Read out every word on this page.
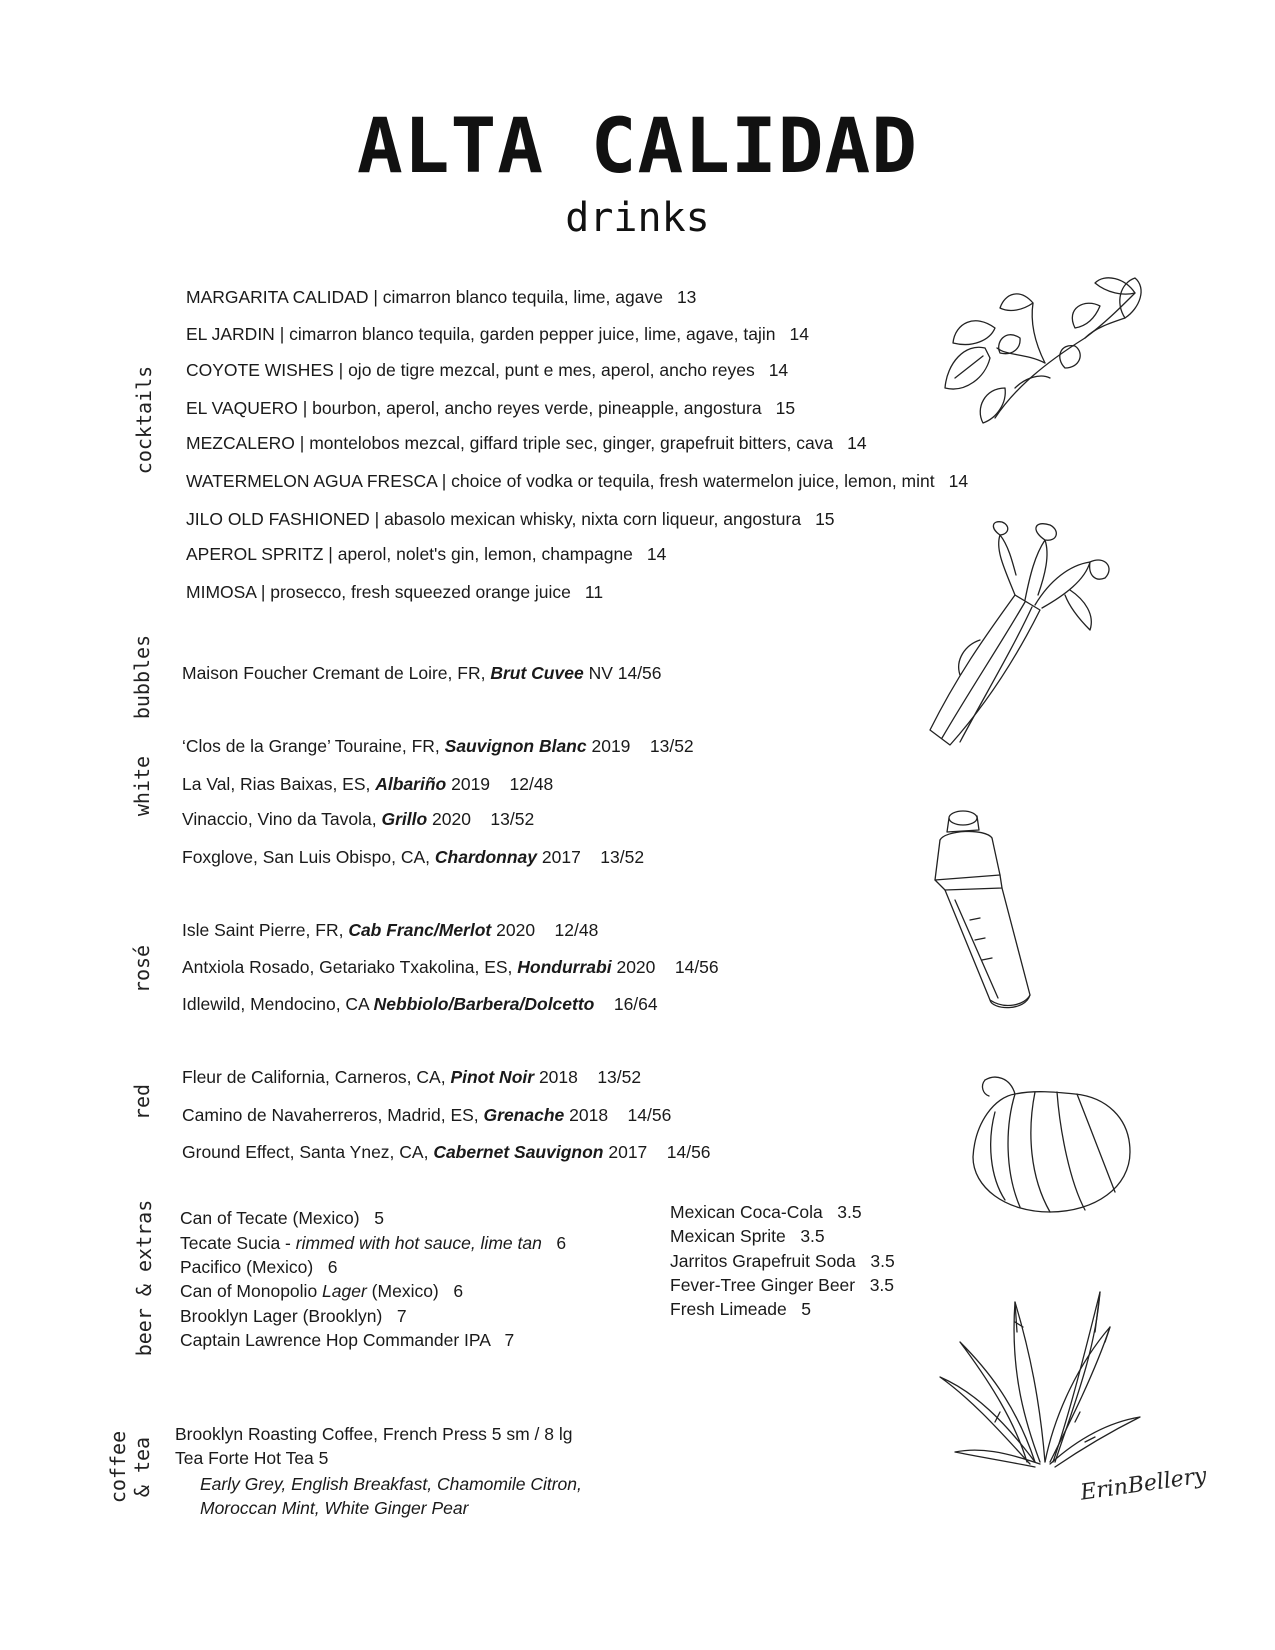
ALTA CALIDAD
drinks
cocktails
bubbles
white
rosé
red
beer & extras
coffee & tea
MARGARITA CALIDAD | cimarron blanco tequila, lime, agave 13
EL JARDIN | cimarron blanco tequila, garden pepper juice, lime, agave, tajin 14
COYOTE WISHES | ojo de tigre mezcal, punt e mes, aperol, ancho reyes 14
EL VAQUERO | bourbon, aperol, ancho reyes verde, pineapple, angostura 15
MEZCALERO | montelobos mezcal, giffard triple sec, ginger, grapefruit bitters, cava 14
WATERMELON AGUA FRESCA | choice of vodka or tequila, fresh watermelon juice, lemon, mint 14
JILO OLD FASHIONED | abasolo mexican whisky, nixta corn liqueur, angostura 15
APEROL SPRITZ | aperol, nolet's gin, lemon, champagne 14
MIMOSA | prosecco, fresh squeezed orange juice 11
Maison Foucher Cremant de Loire, FR, Brut Cuvee NV 14/56
‘Clos de la Grange’ Touraine, FR, Sauvignon Blanc 2019    13/52
La Val, Rias Baixas, ES, Albariño 2019    12/48
Vinaccio, Vino da Tavola, Grillo 2020    13/52
Foxglove, San Luis Obispo, CA, Chardonnay 2017    13/52
Isle Saint Pierre, FR, Cab Franc/Merlot 2020    12/48
Antxiola Rosado, Getariako Txakolina, ES, Hondurrabi 2020    14/56
Idlewild, Mendocino, CA Nebbiolo/Barbera/Dolcetto    16/64
Fleur de California, Carneros, CA, Pinot Noir 2018    13/52
Camino de Navaherreros, Madrid, ES, Grenache 2018    14/56
Ground Effect, Santa Ynez, CA, Cabernet Sauvignon 2017    14/56
Can of Tecate (Mexico)   5
Tecate Sucia - rimmed with hot sauce, lime tan   6
Pacifico (Mexico)   6
Can of Monopolio Lager (Mexico)   6
Brooklyn Lager (Brooklyn)   7
Captain Lawrence Hop Commander IPA   7
Mexican Coca-Cola   3.5
Mexican Sprite   3.5
Jarritos Grapefruit Soda   3.5
Fever-Tree Ginger Beer   3.5
Fresh Limeade   5
Brooklyn Roasting Coffee, French Press 5 sm / 8 lg
Tea Forte Hot Tea 5
Early Grey, English Breakfast, Chamomile Citron,
Moroccan Mint, White Ginger Pear
ErinBellery
